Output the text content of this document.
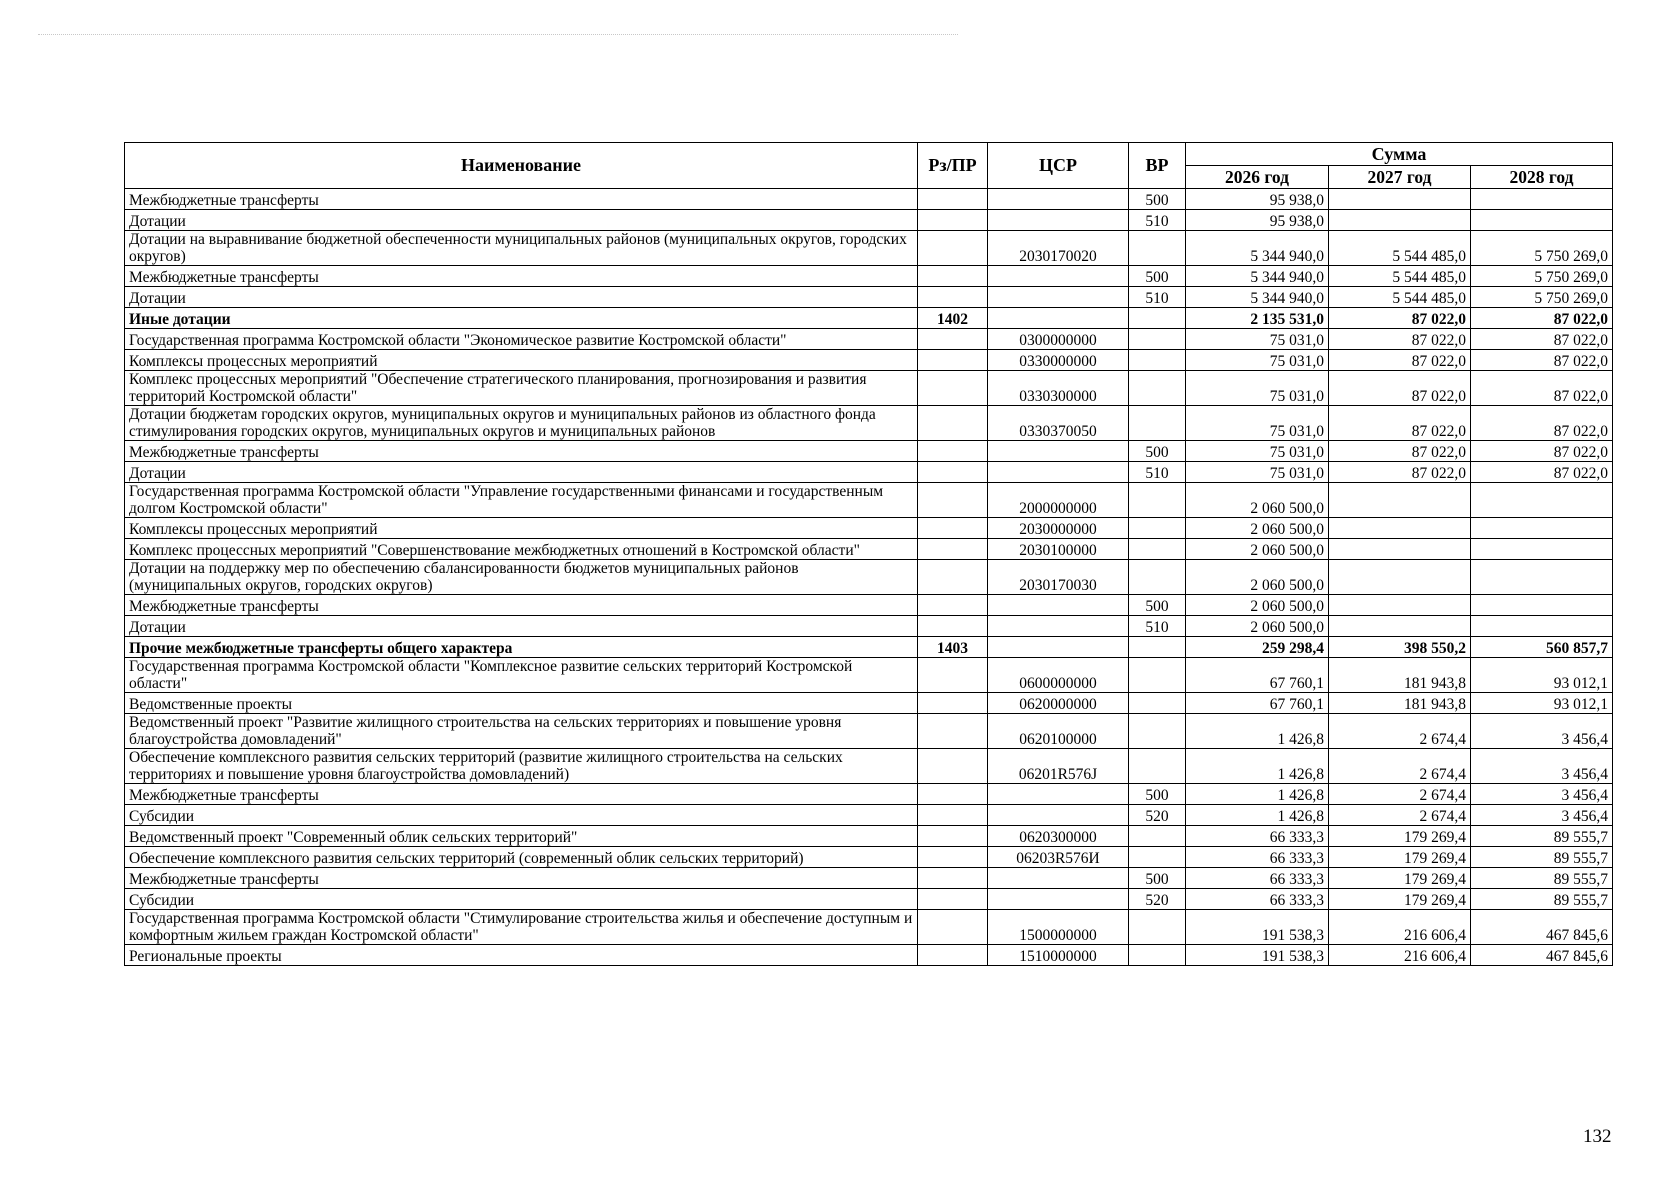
Наименование	Рз/ПР	ЦСР	ВР	Сумма		
				2026 год	2027 год	2028 год
Межбюджетные трансферты			500	95 938,0		
Дотации			510	95 938,0		
Дотации на выравнивание бюджетной обеспеченности муниципальных районов (муниципальных округов, городских округов)		2030170020		5 344 940,0	5 544 485,0	5 750 269,0
Межбюджетные трансферты			500	5 344 940,0	5 544 485,0	5 750 269,0
Дотации			510	5 344 940,0	5 544 485,0	5 750 269,0
Иные дотации	1402			2 135 531,0	87 022,0	87 022,0
Государственная программа Костромской области "Экономическое развитие Костромской области"		0300000000		75 031,0	87 022,0	87 022,0
Комплексы процессных мероприятий		0330000000		75 031,0	87 022,0	87 022,0
Комплекс процессных мероприятий "Обеспечение стратегического планирования, прогнозирования и развития территорий Костромской области"		0330300000		75 031,0	87 022,0	87 022,0
Дотации бюджетам городских округов, муниципальных округов и муниципальных районов из областного фонда стимулирования городских округов, муниципальных округов и муниципальных районов		0330370050		75 031,0	87 022,0	87 022,0
Межбюджетные трансферты			500	75 031,0	87 022,0	87 022,0
Дотации			510	75 031,0	87 022,0	87 022,0
Государственная программа Костромской области "Управление государственными финансами и государственным долгом Костромской области"		2000000000		2 060 500,0		
Комплексы процессных мероприятий		2030000000		2 060 500,0		
Комплекс процессных мероприятий "Совершенствование межбюджетных отношений в Костромской области"		2030100000		2 060 500,0		
Дотации на поддержку мер по обеспечению сбалансированности бюджетов муниципальных районов (муниципальных округов, городских округов)		2030170030		2 060 500,0		
Межбюджетные трансферты			500	2 060 500,0		
Дотации			510	2 060 500,0		
Прочие межбюджетные трансферты общего характера	1403			259 298,4	398 550,2	560 857,7
Государственная программа Костромской области "Комплексное развитие сельских территорий Костромской области"		0600000000		67 760,1	181 943,8	93 012,1
Ведомственные проекты		0620000000		67 760,1	181 943,8	93 012,1
Ведомственный проект "Развитие жилищного строительства на сельских территориях и повышение уровня благоустройства домовладений"		0620100000		1 426,8	2 674,4	3 456,4
Обеспечение комплексного развития сельских территорий (развитие жилищного строительства на сельских территориях и повышение уровня благоустройства домовладений)		06201R576J		1 426,8	2 674,4	3 456,4
Межбюджетные трансферты			500	1 426,8	2 674,4	3 456,4
Субсидии			520	1 426,8	2 674,4	3 456,4
Ведомственный проект "Современный облик сельских территорий"		0620300000		66 333,3	179 269,4	89 555,7
Обеспечение комплексного развития сельских территорий (современный облик сельских территорий)		06203R576И		66 333,3	179 269,4	89 555,7
Межбюджетные трансферты			500	66 333,3	179 269,4	89 555,7
Субсидии			520	66 333,3	179 269,4	89 555,7
Государственная программа Костромской области "Стимулирование строительства жилья и обеспечение доступным и комфортным жильем граждан Костромской области"		1500000000		191 538,3	216 606,4	467 845,6
Региональные проекты		1510000000		191 538,3	216 606,4	467 845,6
132
